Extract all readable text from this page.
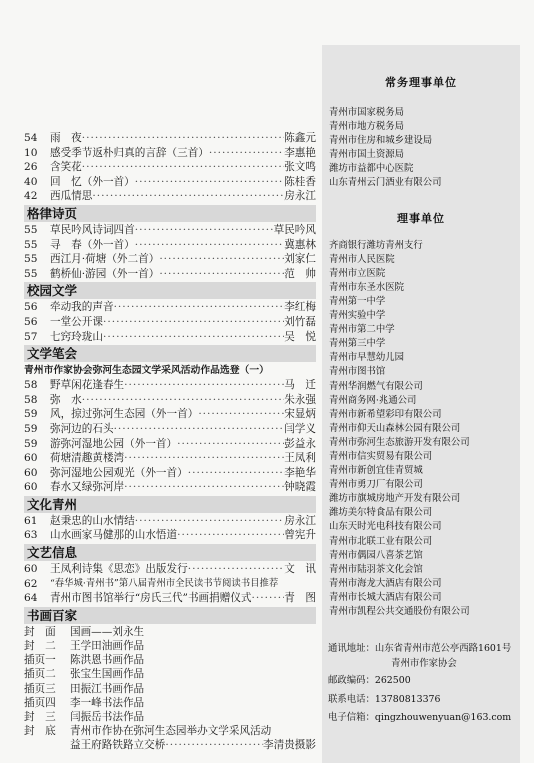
54	雨　夜 ·····	陈鑫元
10	感受季节返朴归真的言辞（三首） ·····	李惠艳
26	含笑花 ·····	张文鸣
40	回　忆（外一首） ·····	陈桂香
42	西瓜情思 ·····	房永江
格律诗页
55	草民吟风诗词四首 ·····	草民吟风
55	寻　春（外一首） ·····	冀惠林
55	西江月·荷塘（外二首） ·····	刘家仁
55	鹤桥仙·游园（外一首） ·····	范　帅
校园文学
56	牵动我的声音 ·····	李红梅
56	一堂公开课 ·····	刘竹磊
57	七窍玲珑山 ·····	吴　悦
文学笔会
青州市作家协会弥河生态园文学采风活动作品选登（一）
58	野草闲花逢春生 ·····	马　迁
58	弥　水 ·····	朱永强
59	风，掠过弥河生态园（外一首） ·····	宋显炳
59	弥河边的石头 ·····	闫学义
59	游弥河湿地公园（外一首） ·····	彭益永
60	荷塘清趣黄楼湾 ·····	王凤利
60	弥河湿地公园观光（外一首） ·····	李艳华
60	春水又绿弥河岸 ·····	钟晓霞
文化青州
61	赵秉忠的山水情结 ·····	房永江
63	山水画家马健那的山水悟道 ·····	曾宪升
文艺信息
60	王凤利诗集《思恋》出版发行 ·····	文　讯
62	“春华城·青州书”第八届青州市全民读书节阅读书目推荐
64	青州市图书馆举行“房氏三代”书画捐赠仪式 ·····	青　图
书画百家
封　面 国画——刘永生
封　二 王学田油画作品
插页一 陈洪恩书画作品
插页二 张宝生国画作品
插页三 田振江书画作品
插页四 李一峰书法作品
封　三 闫振岳书法作品
封　底 青州市作协在弥河生态园举办文学采风活动
益王府路铁路立交桥 ·····	李清贵摄影
常务理事单位
青州市国家税务局
青州市地方税务局
青州市住房和城乡建设局
青州市国土资源局
潍坊市益都中心医院
山东青州云门酒业有限公司
理事单位
齐商银行潍坊青州支行
青州市人民医院
青州市立医院
青州市东圣水医院
青州第一中学
青州实验中学
青州市第二中学
青州第三中学
青州市早慧幼儿园
青州市图书馆
青州华润燃气有限公司
青州商务网·兆通公司
青州市新希望彩印有限公司
青州市仰天山森林公园有限公司
青州市弥河生态旅游开发有限公司
青州市信实贸易有限公司
青州市新创宜佳青贸城
青州市勇刀厂有限公司
潍坊市旗城房地产开发有限公司
潍坊美尔特食品有限公司
山东天时光电科技有限公司
青州市北联工业有限公司
青州市偶园八喜茶艺馆
青州市陆羽茶文化会馆
青州市海龙大酒店有限公司
青州市长城大酒店有限公司
青州市凯程公共交通股份有限公司
通讯地址：山东省青州市范公亭西路1601号
青州市作家协会
邮政编码：262500
联系电话：13780813376
电子信箱：qingzhouwenyuan@163.com
